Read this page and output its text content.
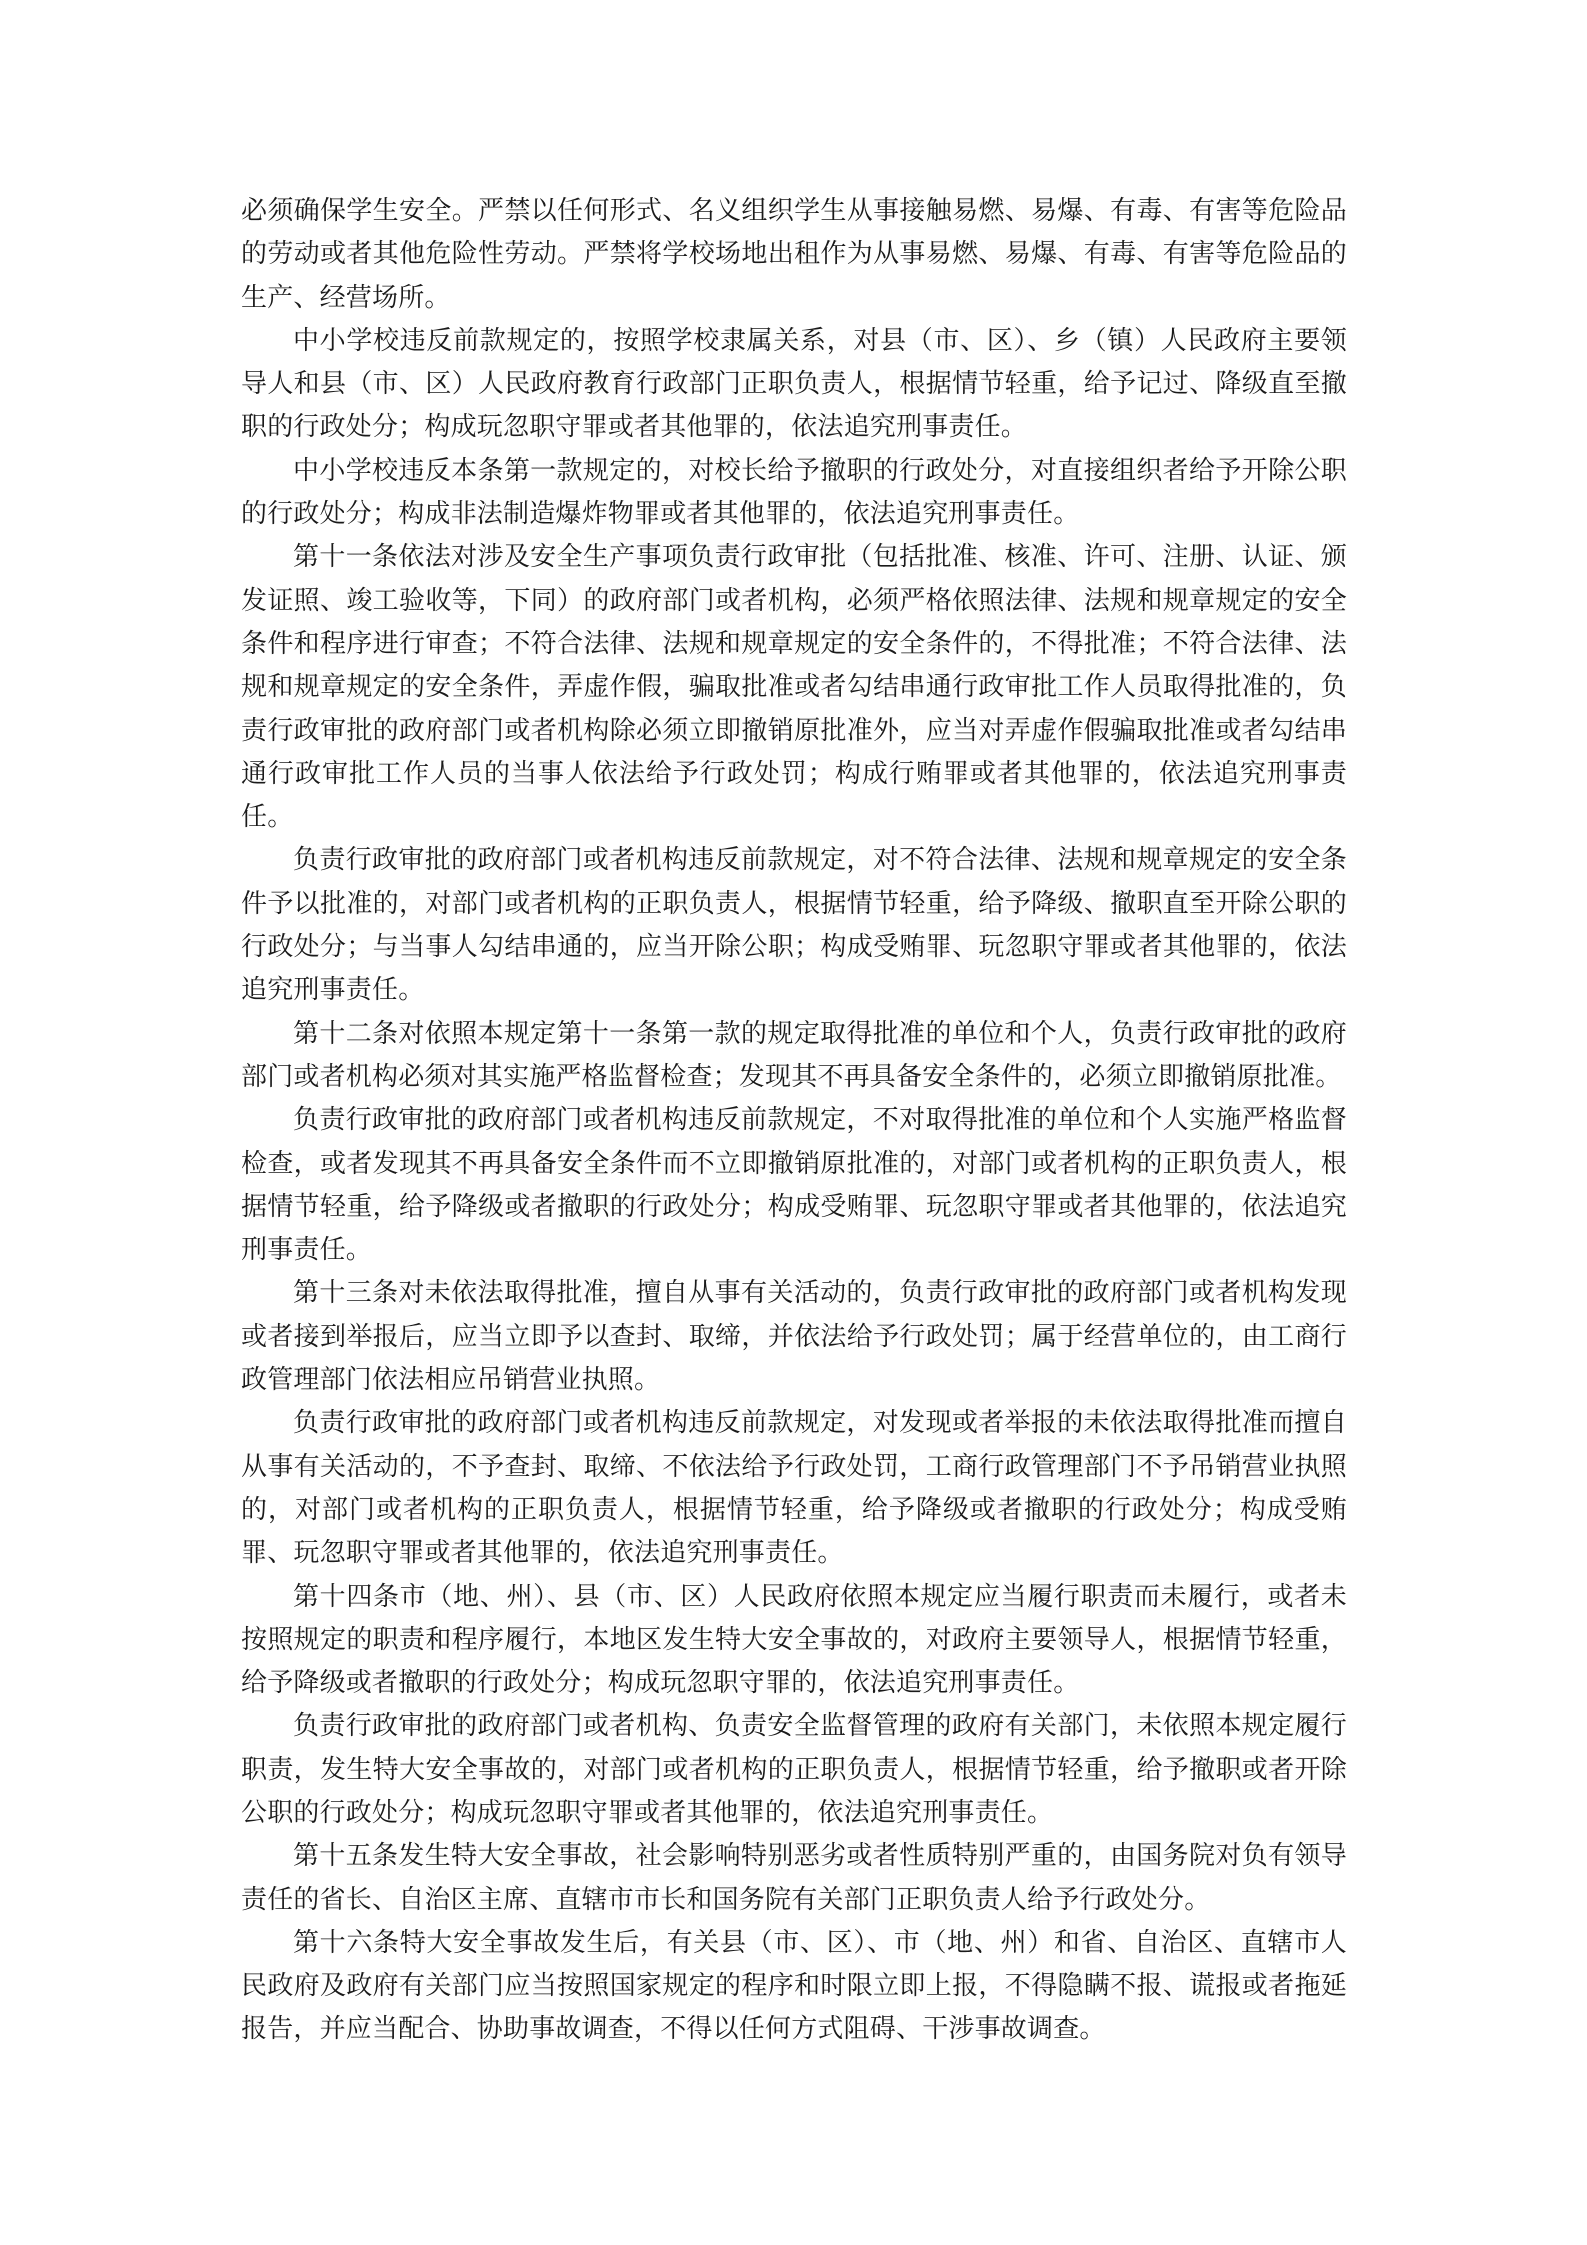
必须确保学生安全。严禁以任何形式、名义组织学生从事接触易燃、易爆、有毒、有害等危险品的劳动或者其他危险性劳动。严禁将学校场地出租作为从事易燃、易爆、有毒、有害等危险品的生产、经营场所。

中小学校违反前款规定的，按照学校隶属关系，对县（市、区）、乡（镇）人民政府主要领导人和县（市、区）人民政府教育行政部门正职负责人，根据情节轻重，给予记过、降级直至撤职的行政处分；构成玩忽职守罪或者其他罪的，依法追究刑事责任。

中小学校违反本条第一款规定的，对校长给予撤职的行政处分，对直接组织者给予开除公职的行政处分；构成非法制造爆炸物罪或者其他罪的，依法追究刑事责任。

第十一条依法对涉及安全生产事项负责行政审批（包括批准、核准、许可、注册、认证、颁发证照、竣工验收等，下同）的政府部门或者机构，必须严格依照法律、法规和规章规定的安全条件和程序进行审查；不符合法律、法规和规章规定的安全条件的，不得批准；不符合法律、法规和规章规定的安全条件，弄虚作假，骗取批准或者勾结串通行政审批工作人员取得批准的，负责行政审批的政府部门或者机构除必须立即撤销原批准外，应当对弄虚作假骗取批准或者勾结串通行政审批工作人员的当事人依法给予行政处罚；构成行贿罪或者其他罪的，依法追究刑事责任。

负责行政审批的政府部门或者机构违反前款规定，对不符合法律、法规和规章规定的安全条件予以批准的，对部门或者机构的正职负责人，根据情节轻重，给予降级、撤职直至开除公职的行政处分；与当事人勾结串通的，应当开除公职；构成受贿罪、玩忽职守罪或者其他罪的，依法追究刑事责任。

第十二条对依照本规定第十一条第一款的规定取得批准的单位和个人，负责行政审批的政府部门或者机构必须对其实施严格监督检查；发现其不再具备安全条件的，必须立即撤销原批准。

负责行政审批的政府部门或者机构违反前款规定，不对取得批准的单位和个人实施严格监督检查，或者发现其不再具备安全条件而不立即撤销原批准的，对部门或者机构的正职负责人，根据情节轻重，给予降级或者撤职的行政处分；构成受贿罪、玩忽职守罪或者其他罪的，依法追究刑事责任。

第十三条对未依法取得批准，擅自从事有关活动的，负责行政审批的政府部门或者机构发现或者接到举报后，应当立即予以查封、取缔，并依法给予行政处罚；属于经营单位的，由工商行政管理部门依法相应吊销营业执照。

负责行政审批的政府部门或者机构违反前款规定，对发现或者举报的未依法取得批准而擅自从事有关活动的，不予查封、取缔、不依法给予行政处罚，工商行政管理部门不予吊销营业执照的，对部门或者机构的正职负责人，根据情节轻重，给予降级或者撤职的行政处分；构成受贿罪、玩忽职守罪或者其他罪的，依法追究刑事责任。

第十四条市（地、州）、县（市、区）人民政府依照本规定应当履行职责而未履行，或者未按照规定的职责和程序履行，本地区发生特大安全事故的，对政府主要领导人，根据情节轻重，给予降级或者撤职的行政处分；构成玩忽职守罪的，依法追究刑事责任。

负责行政审批的政府部门或者机构、负责安全监督管理的政府有关部门，未依照本规定履行职责，发生特大安全事故的，对部门或者机构的正职负责人，根据情节轻重，给予撤职或者开除公职的行政处分；构成玩忽职守罪或者其他罪的，依法追究刑事责任。

第十五条发生特大安全事故，社会影响特别恶劣或者性质特别严重的，由国务院对负有领导责任的省长、自治区主席、直辖市市长和国务院有关部门正职负责人给予行政处分。

第十六条特大安全事故发生后，有关县（市、区）、市（地、州）和省、自治区、直辖市人民政府及政府有关部门应当按照国家规定的程序和时限立即上报，不得隐瞒不报、谎报或者拖延报告，并应当配合、协助事故调查，不得以任何方式阻碍、干涉事故调查。
